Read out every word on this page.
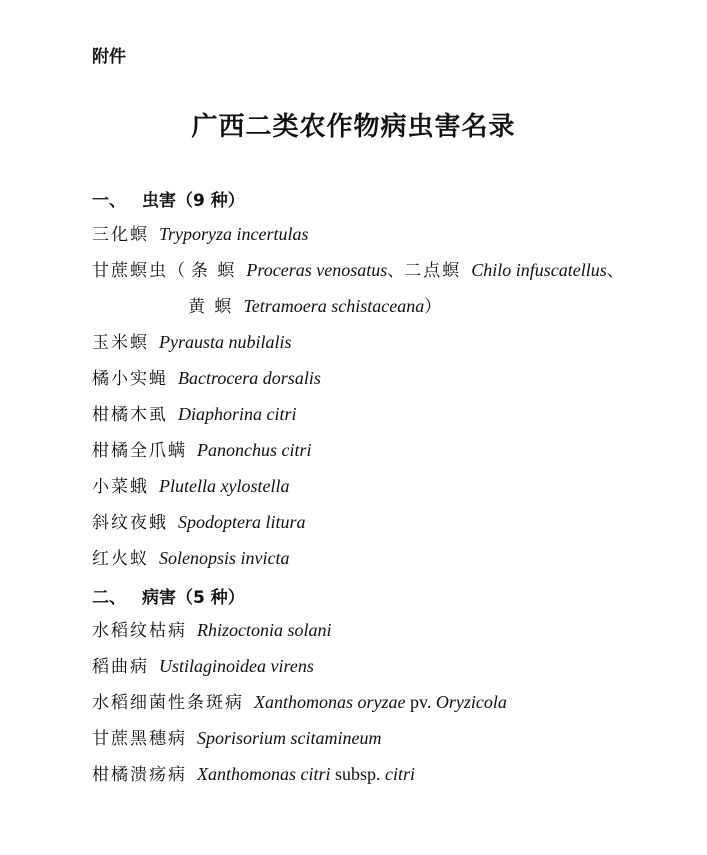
附件
广西二类农作物病虫害名录
一、 虫害（9 种）
三化螟 Tryporyza incertulas
甘蔗螟虫（ 条 螟 Proceras venosatus、二点螟 Chilo infuscatellus、
黄 螟 Tetramoera schistaceana）
玉米螟 Pyrausta nubilalis
橘小实蝇 Bactrocera dorsalis
柑橘木虱 Diaphorina citri
柑橘全爪螨 Panonchus citri
小菜蛾 Plutella xylostella
斜纹夜蛾 Spodoptera litura
红火蚁 Solenopsis invicta
二、 病害（5 种）
水稻纹枯病 Rhizoctonia solani
稻曲病 Ustilaginoidea virens
水稻细菌性条斑病 Xanthomonas oryzae pv. Oryzicola
甘蔗黑穗病 Sporisorium scitamineum
柑橘溃疡病 Xanthomonas citri subsp. citri
